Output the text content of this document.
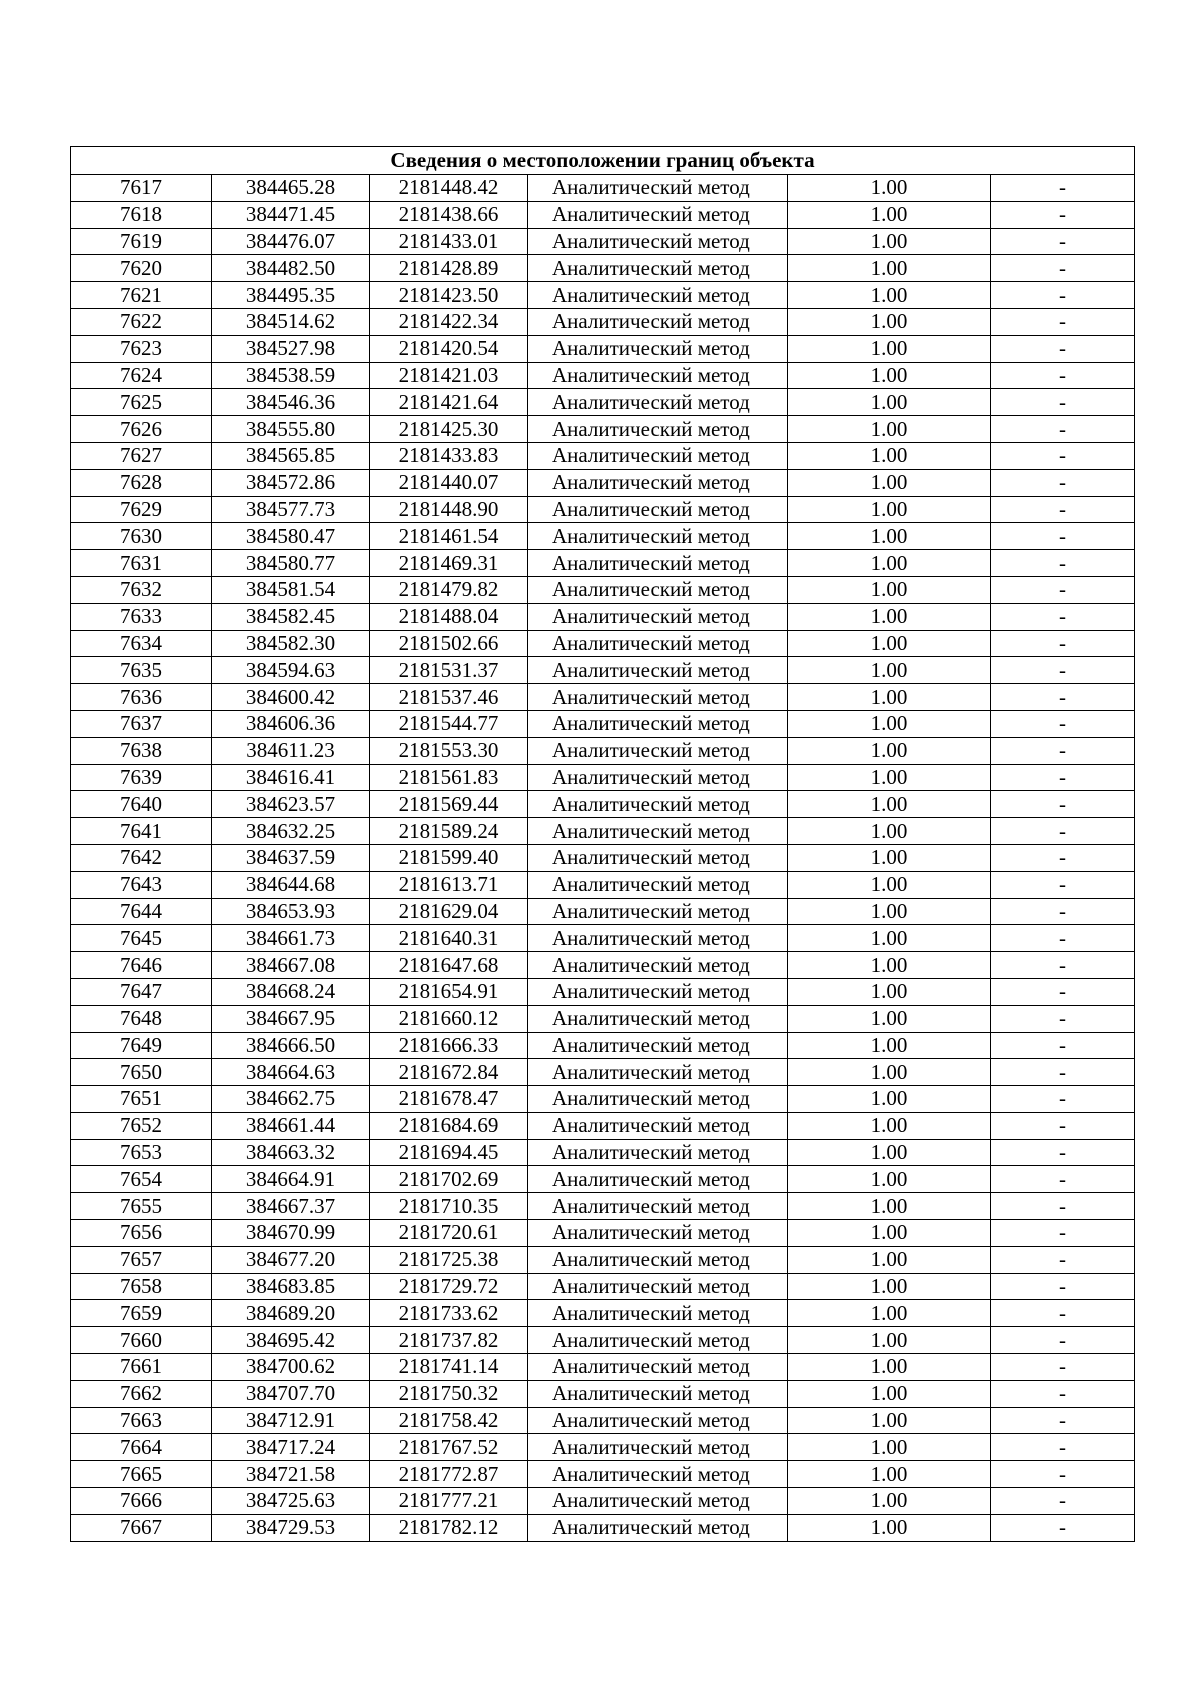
Сведения о местоположении границ объекта					
7617	384465.28	2181448.42	Аналитический метод	1.00	-
7618	384471.45	2181438.66	Аналитический метод	1.00	-
7619	384476.07	2181433.01	Аналитический метод	1.00	-
7620	384482.50	2181428.89	Аналитический метод	1.00	-
7621	384495.35	2181423.50	Аналитический метод	1.00	-
7622	384514.62	2181422.34	Аналитический метод	1.00	-
7623	384527.98	2181420.54	Аналитический метод	1.00	-
7624	384538.59	2181421.03	Аналитический метод	1.00	-
7625	384546.36	2181421.64	Аналитический метод	1.00	-
7626	384555.80	2181425.30	Аналитический метод	1.00	-
7627	384565.85	2181433.83	Аналитический метод	1.00	-
7628	384572.86	2181440.07	Аналитический метод	1.00	-
7629	384577.73	2181448.90	Аналитический метод	1.00	-
7630	384580.47	2181461.54	Аналитический метод	1.00	-
7631	384580.77	2181469.31	Аналитический метод	1.00	-
7632	384581.54	2181479.82	Аналитический метод	1.00	-
7633	384582.45	2181488.04	Аналитический метод	1.00	-
7634	384582.30	2181502.66	Аналитический метод	1.00	-
7635	384594.63	2181531.37	Аналитический метод	1.00	-
7636	384600.42	2181537.46	Аналитический метод	1.00	-
7637	384606.36	2181544.77	Аналитический метод	1.00	-
7638	384611.23	2181553.30	Аналитический метод	1.00	-
7639	384616.41	2181561.83	Аналитический метод	1.00	-
7640	384623.57	2181569.44	Аналитический метод	1.00	-
7641	384632.25	2181589.24	Аналитический метод	1.00	-
7642	384637.59	2181599.40	Аналитический метод	1.00	-
7643	384644.68	2181613.71	Аналитический метод	1.00	-
7644	384653.93	2181629.04	Аналитический метод	1.00	-
7645	384661.73	2181640.31	Аналитический метод	1.00	-
7646	384667.08	2181647.68	Аналитический метод	1.00	-
7647	384668.24	2181654.91	Аналитический метод	1.00	-
7648	384667.95	2181660.12	Аналитический метод	1.00	-
7649	384666.50	2181666.33	Аналитический метод	1.00	-
7650	384664.63	2181672.84	Аналитический метод	1.00	-
7651	384662.75	2181678.47	Аналитический метод	1.00	-
7652	384661.44	2181684.69	Аналитический метод	1.00	-
7653	384663.32	2181694.45	Аналитический метод	1.00	-
7654	384664.91	2181702.69	Аналитический метод	1.00	-
7655	384667.37	2181710.35	Аналитический метод	1.00	-
7656	384670.99	2181720.61	Аналитический метод	1.00	-
7657	384677.20	2181725.38	Аналитический метод	1.00	-
7658	384683.85	2181729.72	Аналитический метод	1.00	-
7659	384689.20	2181733.62	Аналитический метод	1.00	-
7660	384695.42	2181737.82	Аналитический метод	1.00	-
7661	384700.62	2181741.14	Аналитический метод	1.00	-
7662	384707.70	2181750.32	Аналитический метод	1.00	-
7663	384712.91	2181758.42	Аналитический метод	1.00	-
7664	384717.24	2181767.52	Аналитический метод	1.00	-
7665	384721.58	2181772.87	Аналитический метод	1.00	-
7666	384725.63	2181777.21	Аналитический метод	1.00	-
7667	384729.53	2181782.12	Аналитический метод	1.00	-
